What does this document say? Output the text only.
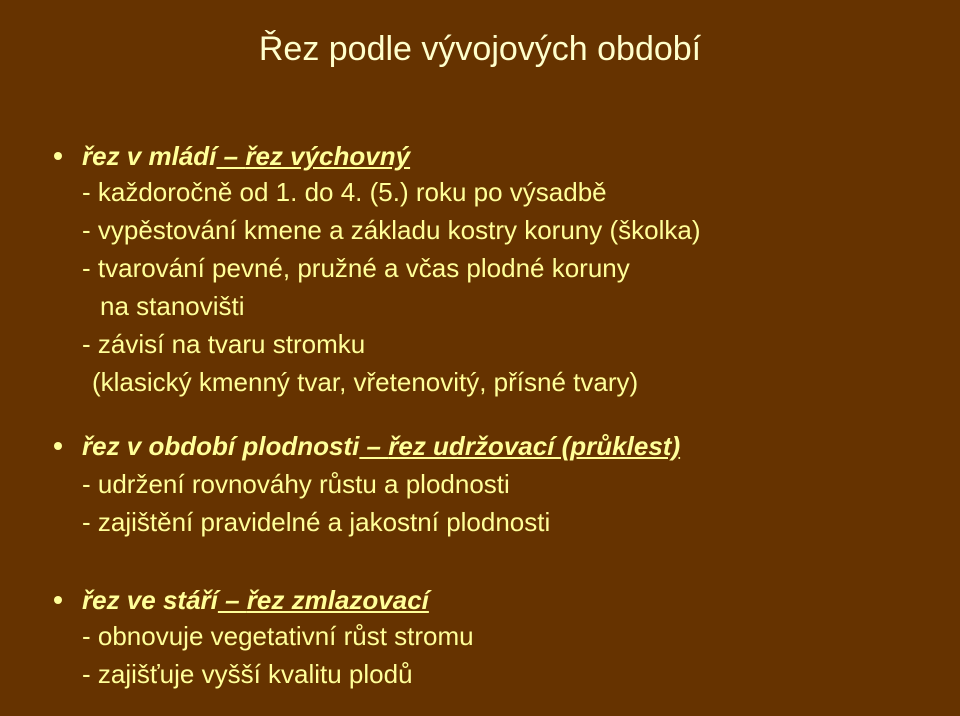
Řez podle vývojových období
řez v mládí – řez výchovný
- každoročně od 1. do 4. (5.) roku po výsadbě
- vypěstování kmene a základu kostry koruny (školka)
- tvarování pevné, pružné a včas plodné koruny
na stanovišti
- závisí na tvaru stromku
(klasický kmenný tvar, vřetenovitý, přísné tvary)
řez v období plodnosti – řez udržovací (průklest)
- udržení rovnováhy růstu a plodnosti
- zajištění pravidelné a jakostní plodnosti
řez ve stáří – řez zmlazovací
- obnovuje vegetativní růst stromu
- zajišťuje vyšší kvalitu plodů
